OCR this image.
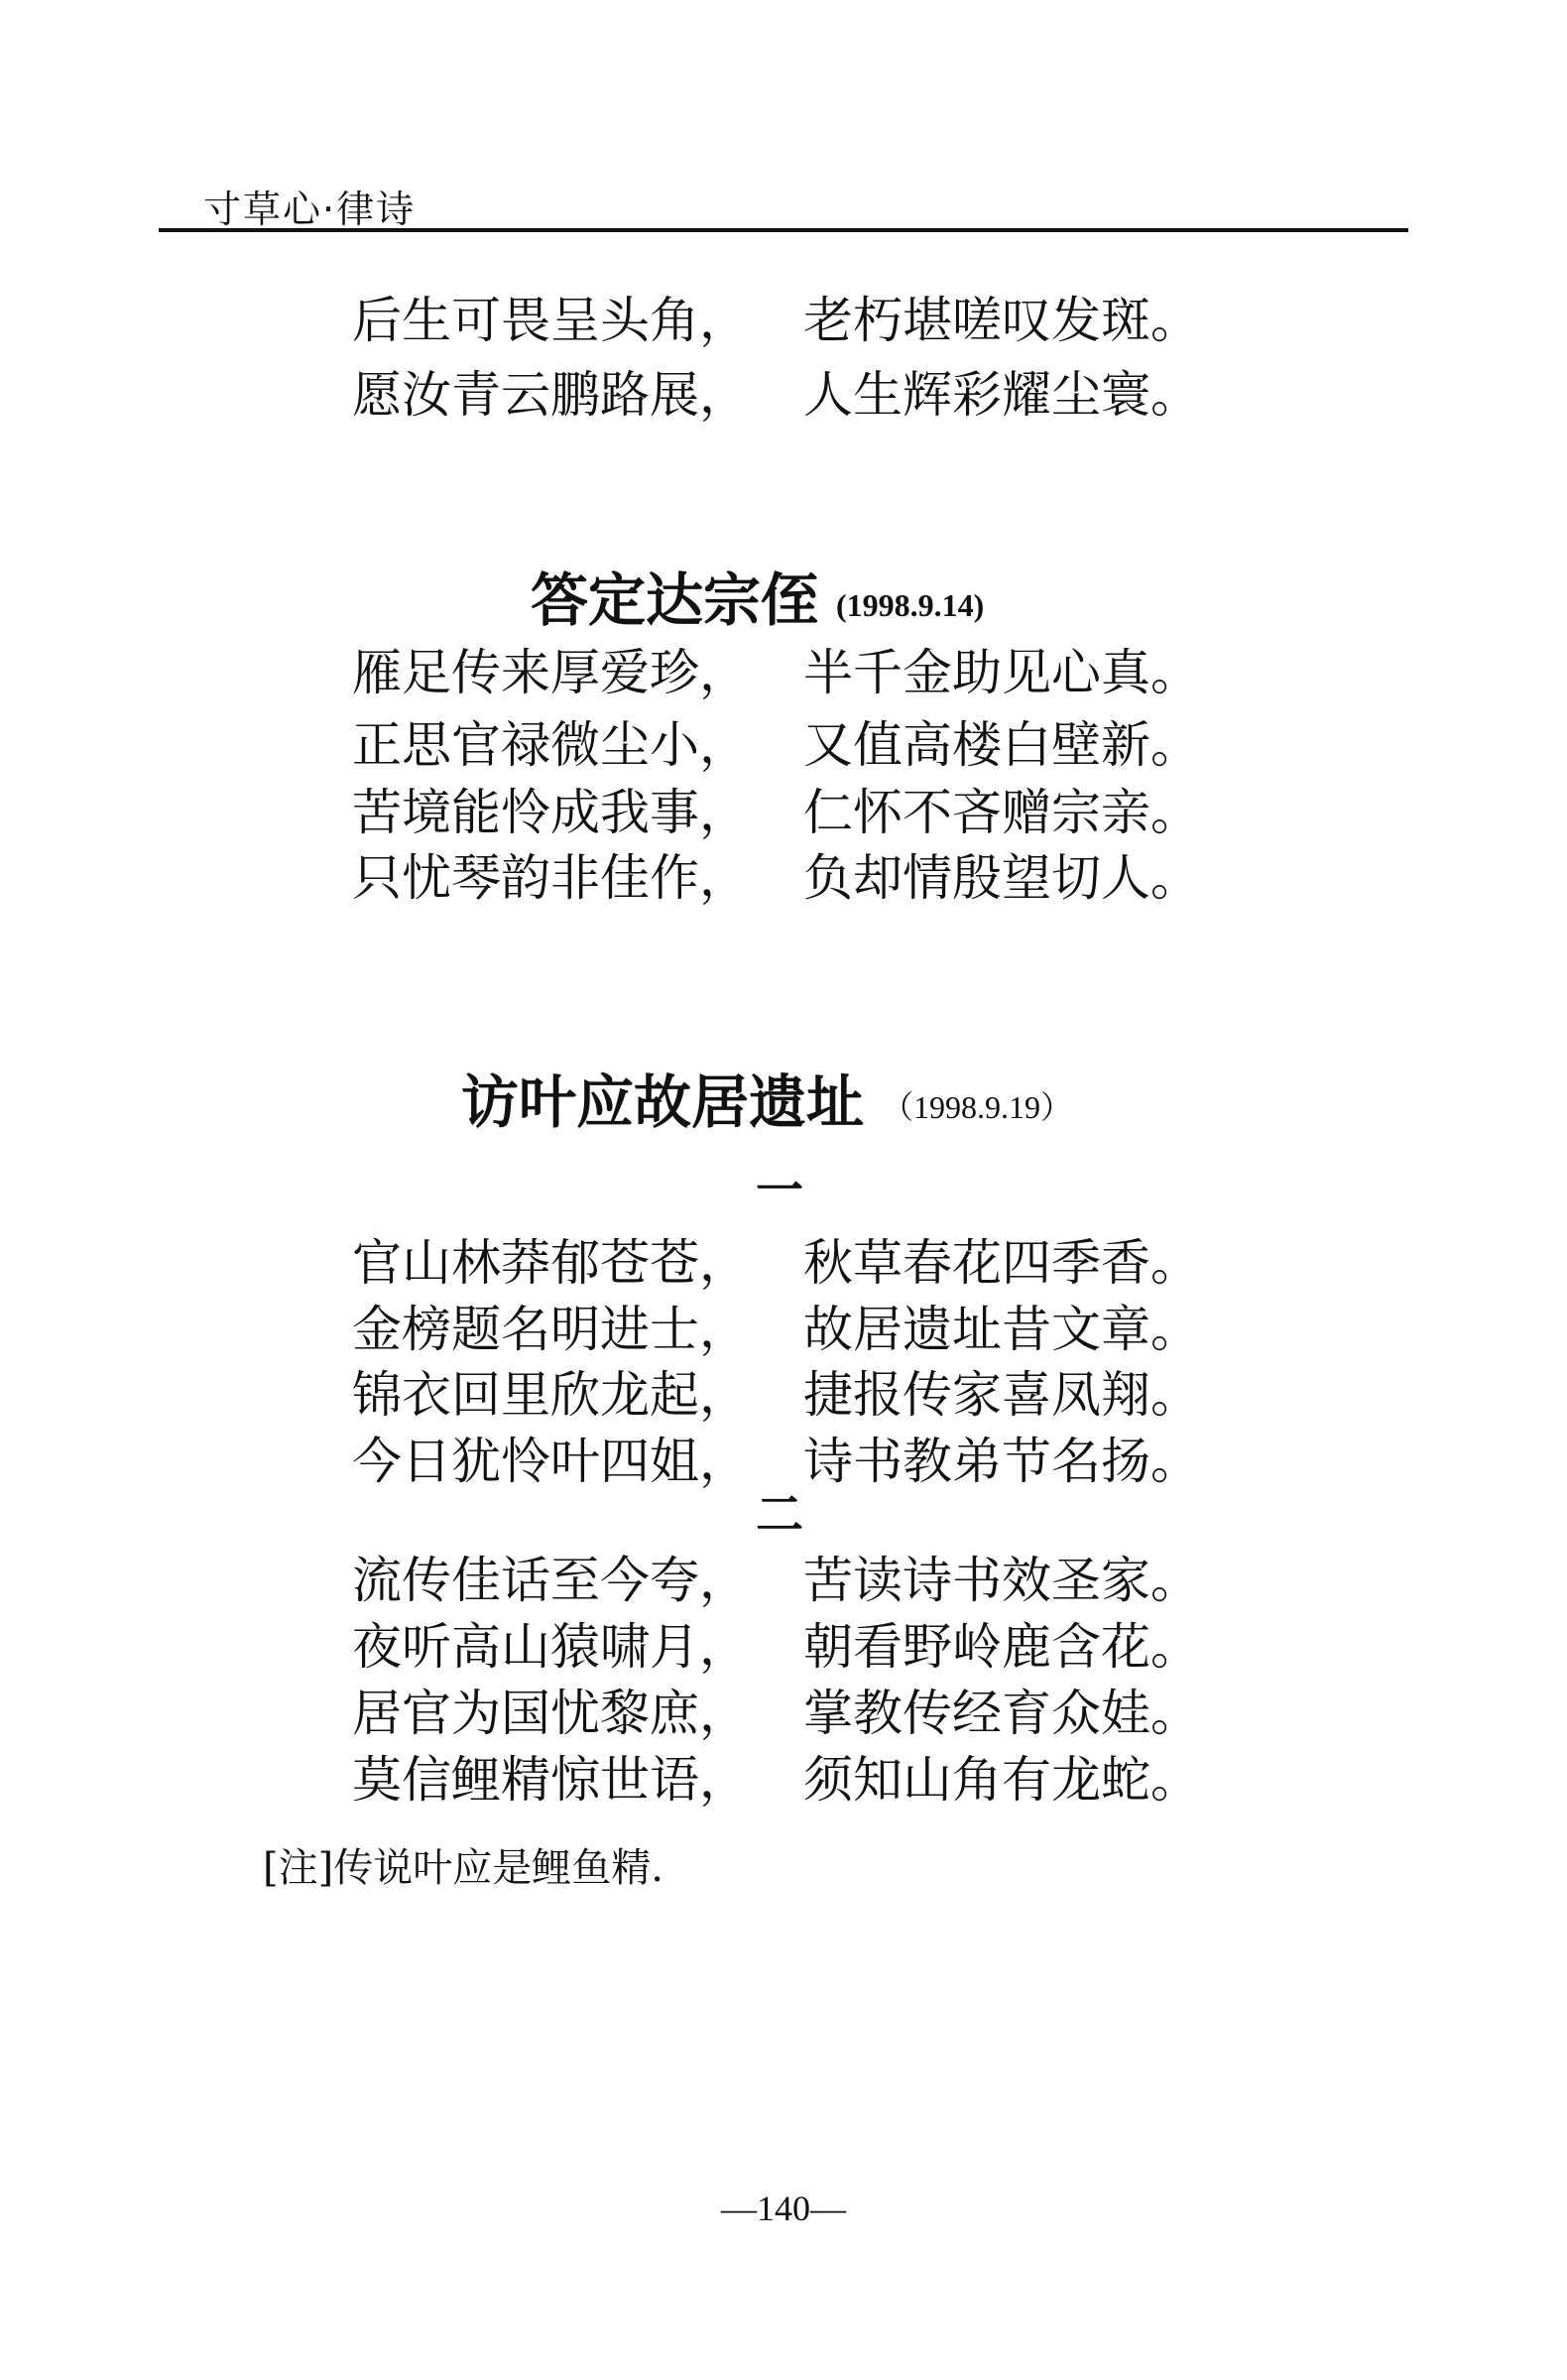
寸草心·律诗
后生可畏呈头角， 老朽堪嗟叹发斑。
愿汝青云鹏路展， 人生辉彩耀尘寰。
答定达宗侄 (1998.9.14)
雁足传来厚爱珍， 半千金助见心真。
正思官禄微尘小， 又值高楼白壁新。
苦境能怜成我事， 仁怀不吝赠宗亲。
只忧琴韵非佳作， 负却情殷望切人。
访叶应故居遗址 （1998.9.19）
一
官山林莽郁苍苍， 秋草春花四季香。
金榜题名明进士， 故居遗址昔文章。
锦衣回里欣龙起， 捷报传家喜凤翔。
今日犹怜叶四姐， 诗书教弟节名扬。
二
流传佳话至今夸， 苦读诗书效圣家。
夜听高山猿啸月， 朝看野岭鹿含花。
居官为国忧黎庶， 掌教传经育众娃。
莫信鲤精惊世语， 须知山角有龙蛇。
[注]传说叶应是鲤鱼精.
—140—
